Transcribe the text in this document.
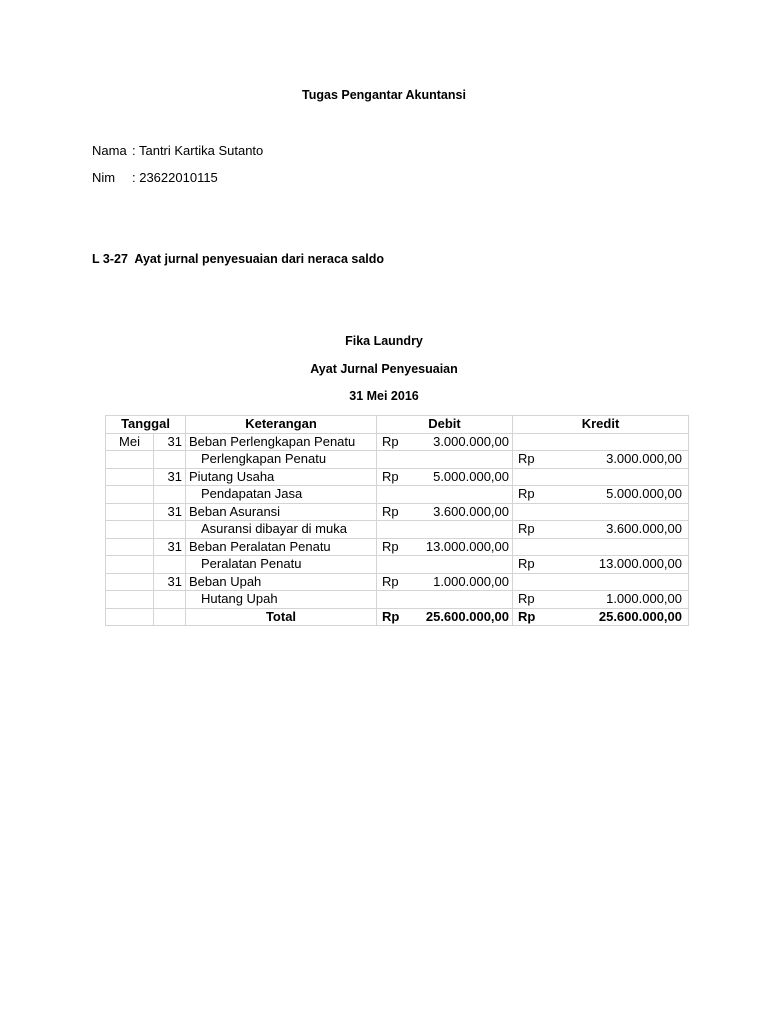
Tugas Pengantar Akuntansi
Nama : Tantri Kartika Sutanto
Nim : 23622010115
L 3-27  Ayat jurnal penyesuaian dari neraca saldo
Fika Laundry
Ayat Jurnal Penyesuaian
31 Mei 2016
Tanggal		Keterangan	Debit		Kredit	
Mei	31	Beban Perlengkapan Penatu	Rp	3.000.000,00		
		Perlengkapan Penatu			Rp	3.000.000,00
	31	Piutang Usaha	Rp	5.000.000,00		
		Pendapatan Jasa			Rp	5.000.000,00
	31	Beban Asuransi	Rp	3.600.000,00		
		Asuransi dibayar di muka			Rp	3.600.000,00
	31	Beban Peralatan Penatu	Rp	13.000.000,00		
		Peralatan Penatu			Rp	13.000.000,00
	31	Beban Upah	Rp	1.000.000,00		
		Hutang Upah			Rp	1.000.000,00
		Total	Rp	25.600.000,00	Rp	25.600.000,00
